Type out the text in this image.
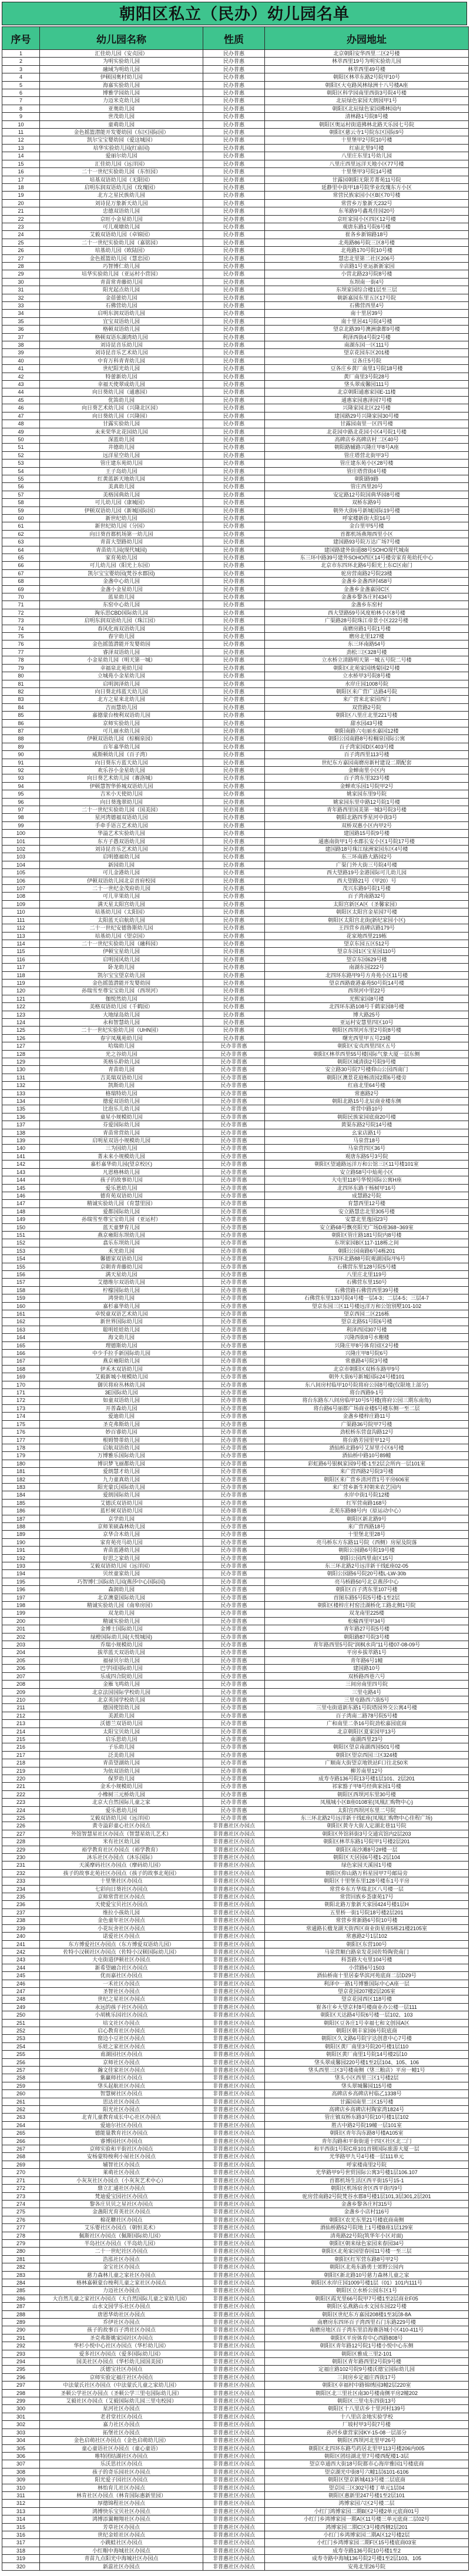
朝阳区私立（民办）幼儿园名单
序号	幼儿园名称	性质	办园地址
1	汇佳幼儿园（安贞园）	民办普惠	北京朝阳安华西里二区2号楼
2	为明实验幼儿园	民办普惠	林萃西里19号为明实验幼儿园
3	融域为明幼儿园	民办普惠	林萃西里49号楼
4	伊顿国奥村幼儿园	民办普惠	朝阳区林萃东路2号院甲10号
5	海嘉实验幼儿园	民办普惠	朝阳区大屯路风林绿洲十八号楼A座
6	博雅学园幼儿园	民办普惠	朝阳区科学园南里西街3号院4号楼
7	力迈米克幼儿园	民办普惠	北辰绿色家园天朗园甲1号
8	亚奥幼儿园	民办普惠	朝阳区北辰绿色家园拂林园内
9	世茂幼儿园	民办普惠	清林路1号院8号楼
10	童萌幼儿园	民办普惠	朝阳区奥运村街道拂林北路天乐园七号院
11	金色摇篮潜能开发婴幼园（东区国际园）	民办普惠	朝阳区慈云寺1号院东区国际9号
12	凯尔宝宝婴幼园（爱这城园）	民办普惠	十里堡甲2号院10号楼
13	培华实验幼儿园(红庙园)	民办普惠	红庙北里9号楼
14	爱丽尔幼儿园	民办普惠	八里庄东里1号幼儿园
15	汇佳幼儿园（远洋园）	民办普惠	八里庄西里远洋天地小区77号楼
16	二十一世纪实验幼儿园（东恒园）	民办普惠	十里堡甲3号院14号楼
17	培基双语幼儿园（无限园）	民办普惠	甘露园朝阳无限芳菁苑11号院
18	启明东润双语幼儿园（玫瑰园）	民办普惠	延静里中街甲18号院华业玫瑰东方小区
19	北方之星民族幼儿园	民办普惠	常营民族家园小区B区70号楼
20	刘诗昆万象新天幼儿园	民办普惠	常营乡万象新天232号
21	忠德双语幼儿园	民办普惠	东苇路9号鑫兆佳园20号
22	京旺小金星幼儿园	民办普惠	京旺家园小区四区12号楼
23	可儿观塘幼儿园	民办普惠	观唐东路1号院6号楼
24	艾毅双语幼儿园（卓锦园）	民办普惠	崔各乡新锦路18号
25	二十一世纪实验幼儿园（嘉铭园）	民办普惠	北苑路86号院三区8号楼
26	培基幼儿园（欧陆园）	民办普惠	北苑路170号院10号楼
27	金色摇篮幼儿园（慧忠园）	民办普惠	慧忠北里第二社区206号
28	巧智博仁幼儿园	民办普惠	辛店路1号亚运新新家园
29	培华实验幼儿园（亚运村小营园）	民办普惠	小营北路23号院8号楼
30	青苗常青藤幼儿园	民办普惠	东坝南一街4号
31	阳光起点幼儿园	民办普惠	东坝家园综合楼1层至三层
32	金蓓蕾幼儿园	民办普惠	朝新嘉园东里五区17号院
33	石佛营幼儿园	民办普惠	石佛营西里4号
34	启明东润双语幼儿园	民办普惠	南十里居39号
35	宜宝双语幼儿园	民办普惠	南十里居41号院4号楼
36	格顿双语幼儿园	民办普惠	望京北路39号澳洲康都9号楼
37	格顿双语东湖湾幼儿园	民办普惠	利泽西街4号院2号楼
38	刘诗昆音乐幼儿园	民办普惠	南湖东园一区111号
39	刘诗昆音乐艺术幼儿园	民办普惠	望京花园东区201楼
40	中育万科青青幼儿园	民办普惠	豆各庄5号院
41	世纪阳光幼儿园	民办普惠	豆各庄乡黄厂南里1号院18号楼
42	特蕾新幼儿园	民办普惠	黄厂南里3号院28号
43	幸福天使翠成幼儿园	民办普惠	垡头翠成馨园111号
44	向日葵幼儿园（通惠园）	民办普惠	北京朝阳通惠家园E-11楼
45	优笛幼儿园	民办普惠	通惠家园惠泽园7号楼
46	向日葵艺术幼儿园（兴隆北区园）	民办普惠	兴隆家园北区22号楼
47	向日葵幼儿园（兴隆园）	民办普惠	建国路29号兴隆家园30号楼
48	甘露实验幼儿园	民办普惠	甘露园南里一区四号楼
49	未来荣华北花园幼儿园	民办普惠	北花园中路北花园小区4号院1号楼
50	深蓝幼儿园	民办普惠	高碑店乡高碑店村二区40号
51	井德幼儿园	民办普惠	朝阳路辅路兴隆庄甲8号A座
52	远洋星空幼儿园	民办普惠	管庄塔营北街甲3号
53	管庄建东苑幼儿园	民办普惠	管庄建东苑小区28号楼
54	王子岛幼儿园	民办普惠	管庄塔营街4号楼
55	红黄蓝新天地幼儿园	民办普惠	朝阳路9路
56	美真幼儿园	民办普惠	管庄西里20号
57	美格国典幼儿园	民办普惠	安定路12号院国典华园8号楼
58	可儿幼儿园（康城园）	民办普惠	双桥东路9号
59	伊顿双语幼儿园（新城国际园）	民办普惠	朝外大街6号新城国际19号楼
60	新世纪幼儿园	民办普惠	呼家楼新街大院16号
61	新世纪幼儿园（分园）	民办普惠	金台里甲5号楼
62	向日葵首都机场第一幼儿园	民办普惠	首都机场燕翔西里小区
63	青苗大望路幼儿园	民办普惠	建国路93号院万达广场7号楼
64	青苗幼儿园(现代城园)	民办普惠	建国路建外街道88号SOHO现代城南
65	家育苑幼儿园	民办普惠	东三环中路39号建外SOHO西区14号楼旁家育苑幼托中心
66	可儿幼儿园（阳光上东园）	民办普惠	北京市东四环北路6号阳光上东C区南门
67	凯尔宝宝婴幼园(梵谷水郡园)	民办普惠	驼房营南路2号院23楼
68	金盏中心幼儿园	民办普惠	金盏乡金盏西村458号
69	金盏小金星幼儿园	民办普惠	金盏乡金盏嘉园C区
70	蓝星幼儿园	民办普惠	金盏乡黎各庄村434号
71	东窑中心幼儿园	民办普惠	金盏乡东窑村
72	淘乐思CBD国际幼儿园	民办普惠	西大望路59号风度柏林小区8号楼
73	启明东润双语幼儿园（珠江园）	民办普惠	广渠路28号院珠江帝景小区222号楼
74	春风化雨双语幼儿园	民办普惠	南磨房路1号院1号楼
75	春宇幼儿园	民办普惠	磨房北里127楼
76	金色摇篮潜能开发婴幼园	民办普惠	东三环南路54号
77	睿泽双语幼儿园	民办普惠	劲松三区328号楼
78	小金星幼儿园（明天第一城）	民办普惠	立水桥立清路明天第一城五号院二号楼
79	幸福泉北苑幼儿园	民办普惠	朝阳区北苑家园绣菊园2号楼
80	立城苑小金星幼儿园	民办普惠	立水桥甲3号院8号楼
81	启明润泽幼儿园	民办普惠	水岸庄园1008号院
82	向日葵北纬蓝天幼儿园	民办普惠	朝阳区来广营广达路4号院
83	北方之星来北幼儿园	民办普惠	来广营来北家园西门
84	吉而慧幼儿园	民办普惠	双营路2号院
85	嘉德蒙台梭利双语幼儿园	民办普惠	朝阳区八里庄北里221号楼
86	京师实验幼儿园	民办普惠	甜水园43号楼
87	可儿丽水幼儿园	民办普惠	朝阳南路六屯丽水嘉园12楼
88	伊顿双语幼儿园（棕榈泉园）	民办普惠	朝阳公园南路8号棕榈泉国际公寓
89	百年嘉华幼儿园	民办普惠	百子湾家园D区403号楼
90	威斯顿幼儿园（百子湾）	民办普惠	百子湾西里113号楼
91	向日葵东方蓝天幼儿园	民办普惠	世纪东方嘉园南磨房新村建设二期配套
92	欢乐谷小金星幼儿园	民办普惠	金蝉南里小区内
93	向日葵艺术幼儿园（赛洛城）	民办普惠	百子湾东里323号楼
94	伊顿慧智华侨城双语幼儿园	民办普惠	金蝉欢乐园1号院甲2号
95	吉米小天使幼儿园	民办普惠	姚家园东里9号院
96	向日葵逸翠幼儿园	民办普惠	姚家园东里中路12号院1号楼
97	二十一世纪实验幼儿园（国美园）	民办普惠	青年路西里国美第一城3号院3号楼
98	星河湾德福双语幼儿园	民办普惠	朝阳北路四季星河中街3号
99	手牵手语言艺术幼儿园	民办普惠	双桥双惠小区内甲2号
100	华溢艺术实验幼儿园	民办普惠	建国路15号院9号楼
101	东方子愚双语幼儿园	民办普惠	通惠南街甲1号水郡长安小区1号院17号楼
102	刘诗昆音乐艺术幼儿园	民办普惠	建国路18号珠江绿洲家园东区4号楼
103	启明德福幼儿园	民办普惠	东三环南路大路园2号
104	新园幼儿园	民办普惠	广渠门外大街三号院4号楼
105	可儿金港幼儿园	民办普惠	西大望路19号金港国际可儿幼儿园
106	伊顿双语幼儿园北京首府校园	民办普惠	西大望路21号（甲20）号
107	二十一世纪金茂府幼儿园	民办普惠	茂兴东路9号院1号楼
108	可儿苹果幼儿园	民办普惠	百子湾南路32号
109	满天星太阳宫幼儿园	民办普惠	太阳宫新区A区（圣馨家园）
110	培基幼儿园（太阳园）	民办普惠	朝阳区太阳宫金星园7号楼
111	太阳蓝天启航幼儿园	民办普惠	朝阳区太阳宫北街(新纪家园小区)
112	二十一世纪安德鲁斯幼儿园	民办普惠	王四营乡高碑店路179号
113	培基幼儿园（望京园）	民办普惠	花家地西里219栋
114	二十一世纪实验幼儿园（融科园）	民办普惠	望京东园五区512号
115	伊顿宝星幼儿园	民办普惠	望京东园1区宝星园110号
116	启明国风幼儿园	民办普惠	望京东园629号楼
117	卧龙幼儿园	民办普惠	南湖东园222号
118	凯尔宝宝望京幼儿园	民办普惠	北四环东路甲9号方舟苑小区11号楼
119	金色摇篮潜能开发婴幼园	民办普惠	望京西路鹿港嘉苑50号院14号楼
120	孙瑞雪至尊宝宝幼儿园（西坝河）	民办普惠	西坝河中里22号
121	伽悦然幼儿园	民办普惠	光熙家园8号楼
122	美格双语幼儿园（千鹤园）	民办普惠	北四环东路108号千鹤家园8号楼
123	大地绿岛幼儿园	民办普惠	博大路25号
124	永和智慧幼儿园	民办普惠	亚运村安慧里四区10号
125	二十一世纪实验幼儿园（UHN园）	民办普惠	朝阳区西坝河东里2号院8号楼
126	春宇凤凰苑幼儿园	民办普惠	曙光西里甲五号23楼
127	哈瑞幼儿园	民办非普惠	朝阳区安贞西里四区五号
128	光之谷幼儿园	民办非普惠	朝阳区林萃西里55号楼国际气象大厦一层东侧
129	英格乐聆幼儿园	民办非普惠	朝阳区域清街2号院9号楼
130	青苗幼儿园	民办非普惠	安立路30号院7号楼仰山公园西南门
131	吉美瑞双语幼儿园	民办非普惠	朝阳区澳景花庭畅清园2期6号楼旁
132	凯斯幼儿园	民办非普惠	红庙北里64号楼
133	格瑞特幼儿园	民办非普惠	常惠路2号
134	德爱双语幼儿园	民办非普惠	朝阳北路15号北辰商业楼东侧
135	比泡乐儿幼儿园	民办非普惠	常营中路10号
136	童星小规模幼儿园	民办非普惠	朝阳民族家园底商20号楼
137	芬爱国际幼儿园	民办非普惠	黄渠东路2号院14号楼
138	青苗常营幼儿园	民办非普惠	幺家店路1号
139	启明星双语小规模幼儿园	民办非普惠	马泉营18号
140	三为园幼儿园	民办非普惠	马泉营四区36号
141	菁未来小规模幼儿园	民办非普惠	观唐东路5号3号院
142	嘉杉嘉华幼儿园(望京校区)	民办非普惠	朝阳区望通路远洋万和公馆三区11号楼101室
143	凡恩格林幼儿园	民办非普惠	安立路58号中灿苑小区
144	孩子的故事幼儿园	民办非普惠	大屯里118号华悦国际公寓H座
145	爱乐恩幼儿园	民办非普惠	北四环东路干杨树甲16号
146	德育苑双语幼儿园	民办非普惠	成慧路2号院
147	精诚实验幼儿园（育慧里园）	民办非普惠	育慧西里12号楼
148	爱都国际幼儿园	民办非普惠	安立路慧忠北里305号楼
149	孙瑞雪至尊宝宝幼儿园（亚运村）	民办非普惠	安慧北里逸园23号
150	蓝天童梦育儿园	民办非普惠	安立路68号飘亮阳光广场D座368~369室
151	燕京雍阳东坝幼儿园	民办非普惠	朝阳区管庄路181号院内8号楼
152	翕乐东坝幼儿园	民办非普惠	东坝家园B区117-118栋之间
153	禾光幼儿园	民办非普惠	朝阳公园南路6号4栋201
154	馨德家双语幼儿园	民办非普惠	东四环北路88号院观湖国际甲6号
155	京朝青青藤幼儿园	民办非普惠	石佛营东里128号院5号楼
156	满天星幼儿园	民办非普惠	八里庄北里119号
157	艾德维尔双语幼儿园	民办非普惠	石佛营东里150号
158	柠檬国际幼儿园	民办非普惠	石佛营路石佛营西里39号楼
159	鸿誉幼儿园	民办非普惠	石佛营东里133号院4号楼一层4-3；二层4-5；三层4-7
160	嘉杉嘉华幼儿园	民办非普惠	望京东园三区11号楼远洋万和公馆别墅101-102
161	卓悦童双语艺术幼儿园	民办非普惠	望京西园二区216栋
162	新世界国际幼儿园	民办非普惠	望京北路51号院6号楼
163	聪明娃娃幼儿园	民办非普惠	利泽西园307号楼
164	海文幼儿园	民办非普惠	兴隆西街8号水榭楼
165	理德斯幼儿园	民办非普惠	兴隆庄甲8号体育园区2号楼
166	中少手拉手新国际幼儿园	民办非普惠	兴隆庄甲8号院6号
167	燕京雍阳幼儿园	民办非普惠	常惠路4号院3号楼
168	伊禾木双语幼儿园	民办非普惠	北京市朝阳区双桥东路甲9号
169	艾毅新城小规模幼儿园	民办非普惠	朝外大街6号新城国际24号楼101
170	御贝将府丛林幼儿园	民办非普惠	东八间房村临甲10号院将府公园8号楼(仅限地上部分)
171	3E国际幼儿园	民办非普惠	将台西路9-1号
172	如童双语幼儿园	民办非普惠	将台东路东八间房临甲10号5号楼(将府公园三期东南角)
173	开普森幼儿园	民办非普惠	将台路6号丽都广场商业楼5号楼东侧一至二层
174	爱迪幼儿园	民办非普惠	金盏乡楼梓庄路11号
175	圣克弗斯幼儿园	民办非普惠	广渠路36号院甲7号楼
176	妙百睿幼儿园	民办非普惠	劲松桥东营盘沟路12号
177	根姆赞蒂幼儿园	民办非普惠	将台路芳园里甲12号
178	启航双语幼儿园	民办非普惠	酒仙桥北路9号艾屏里小区6号楼
179	万博雅乐国际幼儿园	民办非普惠	酒仙桥中路10号89幢
180	博识梦飞丽都幼儿园	民办非普惠	彩虹路6号银枫家园9号楼-1至2层会所内一层101室
181	爱朗慧才幼儿园	民办非普惠	来广营西路2号院3号楼
182	九力童真幼儿园	民办非普惠	朝阳区来广营乡清河营1号平房606室
183	阳光蒙氏国际幼儿园	民办非普惠	来广营乡新生村朝来农艺园内
184	爱朗国际幼儿园	民办非普惠	水岸中街1号院12楼
185	艾德沃双语幼儿园	民办非普惠	红军营南路168号
186	蓝杉树双语幼儿园	民办非普惠	北苑东路88号内（原运动中心）
187	京学幼儿园	民办非普惠	朝阳区新北路9号
188	京师茉硕森林幼儿园	民办非普惠	来广营西路18号
189	京华合木幼儿园	民办非普惠	十里堡北里28号
190	家育苑亮马幼儿园	民办非普惠	亮马桥东方东路11号院（西侧）房屋及院落
191	青苗蓝港幼儿园	民办非普惠	朝阳公园路6号院19号楼
192	好思之家幼儿园	民办非普惠	朝阳公园西里南区15号
193	艾毅双语幼儿园（远洋园）	民办非普惠	东三环北路2号远洋新干线E座02-05
194	贝丝童家幼儿园	民办非普惠	朝阳公园路6号院20号楼L-LW-30b
195	巧智博仁国际幼儿园(燕莎中心国际园)	民办非普惠	亮马桥路50号北京燕莎中心
196	森润幼儿园	民办非普惠	朝阳区百子湾东里107号楼
197	北京澳蒙国际幼儿园	民办非普惠	首图东路5号院5号楼-1至2层
198	精诚实验幼儿园（南皋房园）	民办非普惠	朝阳区楼梓庄村窑洼湖桥化工路北侧1号院
199	双龙幼儿园	民办非普惠	双龙南里225楼
200	精诚实验幼儿园	民办非普惠	松榆西里甲34号
201	金博士国际幼儿园	民办非普惠	青年路27号院5号楼
202	绿橙国际幼儿园(大悦城园)	民办非普惠	朝阳路87号院3号楼
203	乔瑞小规模幼儿园	民办非普惠	青年路西里5号院“润枫水尚”11号楼07-08-09号
204	拔萃蓝天双语幼儿园	民办非普惠	平房乡拔萃路1号
205	福禄贝尔幼儿园	民办非普惠	青年路6号1幢
206	巴学园国际幼儿园	民办非普惠	建国路10号
207	乐成四合院幼儿园	民办非普惠	双桥路西巷六号
208	金雁飞鸣幼儿园	民办非普惠	三间房南里四号院
209	北京法国国际学校幼儿园	民办非普惠	三里屯路4号
210	北京英国学校幼儿园	民办非普惠	三里屯路西六街5号
211	德国使馆幼儿园	民办非普惠	三里屯街道新东路1号院塔园外交公寓4号楼
212	美派幼儿园	民办非普惠	百子湾南二路78号院5号楼
213	沃德兰双语幼儿园	民办非普惠	广和南里二条16号院劲松嘉园底商
214	太阳宝贝幼儿园	民办非普惠	北京朝阳区夏家园甲13号
215	启乐思幼儿园	民办非普惠	南湖西里23号
216	子乐幼儿园	民办非普惠	朝阳区望京南湖西园501号楼
217	泛美幼儿园	民办非普惠	朝阳区望京西园三区324楼
218	青苗望湖幼儿园	民办非普惠	广顺南大街望京地铁站F口往北50米
219	为依双语幼儿园	民办非普惠	柳芳南里12号
220	保罗幼儿园	民办非普惠	成寿寺路136号院13号楼1层101、2层201
221	金禾小规模幼儿园	民办非普惠	祁家豁子甲8号经典家园1号楼
222	小橡树三元桥幼儿园	民办非普惠	朝阳区西坝河东里30号楼
223	北京大自然国际儿童之家	民办非普惠	凤凰城小区B座0108室(凤凰汇购物中心)
224	爱乐恩幼儿园	民办非普惠	太阳宫西坝河东里二号院
225	艾毅双语幼儿园（远洋园）	民办非普惠	东三环北路2号远洋新干线E座(凤凰汇购物中心佳程广场)
226	黄寺溢彩童心社区办园点	非普惠社区办园点	朝阳区黄寺大街人定湖北巷11号院
227	外馆智慧星社区办园点（智慧星幼儿艺术）	非普惠社区办园点	朝阳区外馆斜街3号交通宾馆内2层203
228	米有社区幼儿园	非普惠社区办园点	朝阳区林萃东路1号院甲1号楼2层201
229	裕学教育社区办园点（裕学教育）	非普惠社区办园点	朝阳区南沙滩8号2#楼一层
230	沐乐社区办园点（沐乐国际）	非普惠社区办园点	朝阳区天居园6号楼1-2层104
231	天溪摩码社区办园点（摩码幼儿园）	非普惠社区办园点	绿色家园天溪园1号楼
232	孩子的故事北苑社区办园点（孩子的故事北苑园）	非普惠社区办园点	朝阳区仰山路万科星园甲7号邮局旁
233	十里堡社区办园点	非普惠社区办园点	朝阳区十里堡东里128号楼东1号平房
234	七彩向日葵社区办园点	非普惠社区办园点	常营乡东方华瑞北区八号楼一层
235	京师常营社区办园点	非普惠社区办园点	常营回族乡荟康苑17号
236	天使爱宝贝社区办园点	非普惠社区办园点	朝阳北路万象新天家园424号楼1层H
237	维拉小孩幼儿园	非普惠社区办园点	五里桥一街1号院18号楼2层201
238	金色童年社区办园点	非普惠社区办园点	常营乡常新路6号院10号楼
239	小花玩舍社区办园点	非普惠社区办园点	常通路长楹龙湖天街西区商业街星座5栋21楼2105室
240	诺爱社区办园点	非普惠社区办园点	常惠路2号1层102
241	东方博爱社区办园点（东方博爱双语幼儿园）	非普惠社区办园点	朝阳区东营100号
242	佐特小汉顿社区办园点（佐特小汉顿国际幼儿园）	非普惠社区办园点	马泉营顺白路泉发花园佐特陶瓷南门
243	大屯街道伊顿社区办园点	非普惠社区办园点	科荟路大屯里104号楼
244	新希望融合社区办园点	非普惠社区办园点	小营路6号1503
245	优而嘉社区办园点	非普惠社区办园点	酒仙桥南十里居泰华滨河苑底商二层D29号
246	一禾社区办园点	非普惠社区办园点	利泽中一路1号博雅国际中心A座一层
247	圣智社区办园点	非普惠社区办园点	望京花园207楼2层205室
248	世纪之星社区办园点	非普惠社区办园点	望京花园西区118号楼
249	永远的孩子社区办园点	非普惠社区办园点	崔各庄乡大望京村8号楼商业办公楼一层111
250	小胡桃乐园社区办园点	非普惠社区办园点	朝阳区天达路4号院6号楼一层102、103
251	培文社区办园点	非普惠社区办园点	朝阳区豆各庄1号幸福七和文创园A区
252	启心教育社区办园点	非普惠社区办园点	朝阳区朝丰家园6号院底商
253	窗边小豆社区办园点	非普惠社区办园点	朝阳区久文路6号院宇达创意中心7号楼
254	乐娃之家社区办园点	非普惠社区办园点	朝阳区黄厂南里3号院20号楼1层110
255	甫湖园社区办园点	非普惠社区办园点	朝阳区黄厂南里1号院14号楼2层10
256	京师社区办园点	非普惠社区办园点	垡头翠成馨园220号楼1至2层104、105、106
257	瀚文佳家社区办园点	非普惠社区办园点	垡头西里三区3号楼南侧（垡三粮店）平房一幢1号
258	紫赢师社区办园点	非普惠社区办园点	垡头小区西里三区1号楼2层
259	垡头起航社区办园点	非普惠社区办园点	垡头翠城馨园115号楼
260	智慧树社区办园点	非普惠社区办园点	高碑店乡高碑店村临乙1338号
261	思达社区办园点	非普惠社区办园点	甘露园南里二区15号楼
262	阳光社区办园点	非普惠社区办园点	高碑店乡高碑店村陶家湾1824号
263	北青儿童教育成长中心社区办园点	非普惠社区办园点	管庄镇双桥东路3号院10号楼1层102
264	爱迪尔社区办园点	非普惠社区办园点	胜古中路2号院19幢一层101室
265	德能量教育社区办园点	非普惠社区办园点	朝阳区青年沟东路8号楼A105室
266	睿博园社区办园点	非普惠社区办园点	青年沟路和平街街道十四区社区北二门
267	京师实验和平街社区办园点	非普惠社区办园点	和平西街1号院C座101首钢国际旅游大厦一层
268	安杨蒙特梭利小屋社区办园点	非普惠社区办园点	光华路甲九号4号楼一层111单元
269	辅智社区办园点	非普惠社区办园点	呼家楼南里2号院
270	莱萌社区办园点	非普惠社区办园点	光华路甲9号世贸国际公寓3号楼1层106.107
271	小灰灰社区办园点（小灰灰艺术中心）	非普惠社区办园点	首都机场生活区西平街15号15-1
272	鼎立汇通社区办园点	非普惠社区办园点	朝阳区机场宿舍区西平街丙9号
273	梵迪爱宝园社区办园点	非普惠社区办园点	驼房营南路2号院梵谷水郡8号楼1层101,3层301,2层201
274	黎各庄贝贝之星社区办园点	非普惠社区办园点	金盏乡黎各庄村315号
275	金盏阳光育英社区办园点	非普惠社区办园点	金盏乡小店村116号
276	棉花糖社区办园点	非普惠社区办园点	朝阳区农光东里21号楼底商南侧
277	艾乐婴社区办园点（朝恒美术）	非普惠社区办园点	酒仙桥路52号院地上1号楼B座1层129室
278	佩斯社区办园点（佩斯国际幼儿园）	非普惠社区办园点	清苑路22号院(筑华年小区对面)
279	半岛社区办园点（半岛幼儿园）	非普惠社区办园点	朝阳区朝来绿色家园来春园34号
280	二十一世纪社区办园点	非普惠社区办园点	朝阳区北苑家园望春园11号楼一至三层
281	浩泓社区办园点	非普惠社区办园点	朝阳区红军营东路8号甲2号
282	金宝社区办园点	非普惠社区办园点	朝阳区北苑东路勇士郊野公园内
283	慈力森林儿童之家社区办园点	非普惠社区办园点	朝阳区新北路10号慈力森林儿童之家
284	格林嘉顿蒙台梭利儿童之家社区办园点	非普惠社区办园点	朝阳区水岸庄园1009号楼1层（01）101内111号
285	力迈社区办园点	非普惠社区办园点	朝阳区立水桥公园东区1号
286	大自然儿童之家社区办园点（大自然国际儿童之家幼儿园）	非普惠社区办园点	朝阳区霞光里66号院甲7号楼1至2层商业F05
287	山水文园学乐社区办园点	非普惠社区办园点	朝阳区弘燕路山水文园东园22号楼
288	唐恩华幼社区办园点	非普惠社区办园点	朝阳区世纪东方嘉园208楼1至3层8-8A
289	乔伊社区办园点	非普惠社区办园点	南磨房东四环百子湾西里石门东路229号楼
290	孩子的故事百子湾社区办园点	非普惠社区办园点	南磨房地区百子湾东里沿海赛洛城小区410-411号
291	圣克弗斯姚家园社区办园点	非普惠社区办园点	朝阳区平房体育中心西路808号
292	华杉小悦中心社区办园点（华杉幼儿园）	非普惠社区办园点	朝阳区青年路12号院1号楼小悦中心东侧
293	爱多社区办园点（爱多国际幼儿园）	非普惠社区办园点	朝阳区雅成三里2-101
294	国美社区办园点（华杉幼儿园国美园）	非普惠社区办园点	朝阳区青年路西里2号院9号楼
295	沃德宝社区办园点	非普惠社区办园点	定福庄路102号院9号楼沃德宝国际幼儿园
296	京师实验定福庄社区办园点	非普惠社区办园点	三间房乡定福庄西街17号
297	中法蒙氏社区办园点（中法蒙氏儿童之家幼儿园）	非普惠社区办园点	朝阳区幸福村中路锦绣园3幢2层220室
298	圣顿公学社区办园点（圣顿公学三里屯国际幼儿园）	非普惠社区办园点	朝阳区北三里社区南30号楼南侧平房2幢202
299	艾毅社区办园点（艾毅国际幼儿园三里屯校园）	非普惠社区办园点	朝阳区三里屯东四街13号
300	星河社区办园点	非普惠社区办园点	朝阳区十八里店乡十里河村139号
301	老君堂社区办园点	非普惠社区办园点	十八里店金地实验学校
302	嘉力社区办园点	非普惠社区办园点	厂坡村甲3号院7号楼
303	拓堡社区办园点	非普惠社区办园点	孙河乡康营家园KY-15-08一层部分
304	金色启萌社区办园点（金色启萌幼儿园）	非普惠社区办园点	朝阳区西坝河北里甲26号
305	童心童语社区办园点（童心童语）	非普惠社区办园点	朝阳区北四环东路芍药居北里甲113号楼206内005
306	唯特团结湖社区办园点	非普惠社区办园点	朝阳区团结湖北里7号楼西配楼1-3层
307	乐沃思社区办园点	非普惠社区办园点	望京阜通西大街18号院都市心海岸雅园1号楼底商
308	孩子的奇乐园社区办园点	非普惠社区办园点	望京湖光中街8号六幢1层6101-6106
309	阳光爱子园社区办园点	非普惠社区办园点	朝阳区望京新城413号楼二层底商
310	林怡育儿社区办园点	非普惠社区办园点	望京园三区302号楼丁单元1层04
311	林肯社区办园点（林肯国际惠新里园）	非普惠社区办园点	朝阳区惠新里247号楼1至2层101
312	厚德锦程社区办园点	非普惠社区办园点	鸿博家园六区2号楼二层
313	鸿博快乐宝贝社区办园点	非普惠社区办园点	小红门鸿博家园二期B区2号楼2单元底商01号
314	鸿博添翼翱翔社区办园点	非普惠社区办园点	小红门乡鸿博家园一期A区11号楼三单元底商二层02号
315	芳草社区办园点	非普惠社区办园点	鸿博家园二期C区3号楼西侧2层201
316	世纪金娃社区办园点	非普惠社区办园点	小红门乡鸿博家园二期A区12号楼2层
317	小跳蛙社区办园点	非普惠社区办园点	小红门乡鸿博家园二期F区15号楼底商03室
318	小红帽中海城社区办园点	非普惠社区办园点	成寿寺路136号院10号楼1至2
319	青苗九点阳光中海城社区办园点	非普惠社区办园点	成寿寺路中海城136号院2号楼1至2层103、105
320	新蕊社区办园点	非普惠社区办园点	安苑北里26号院
